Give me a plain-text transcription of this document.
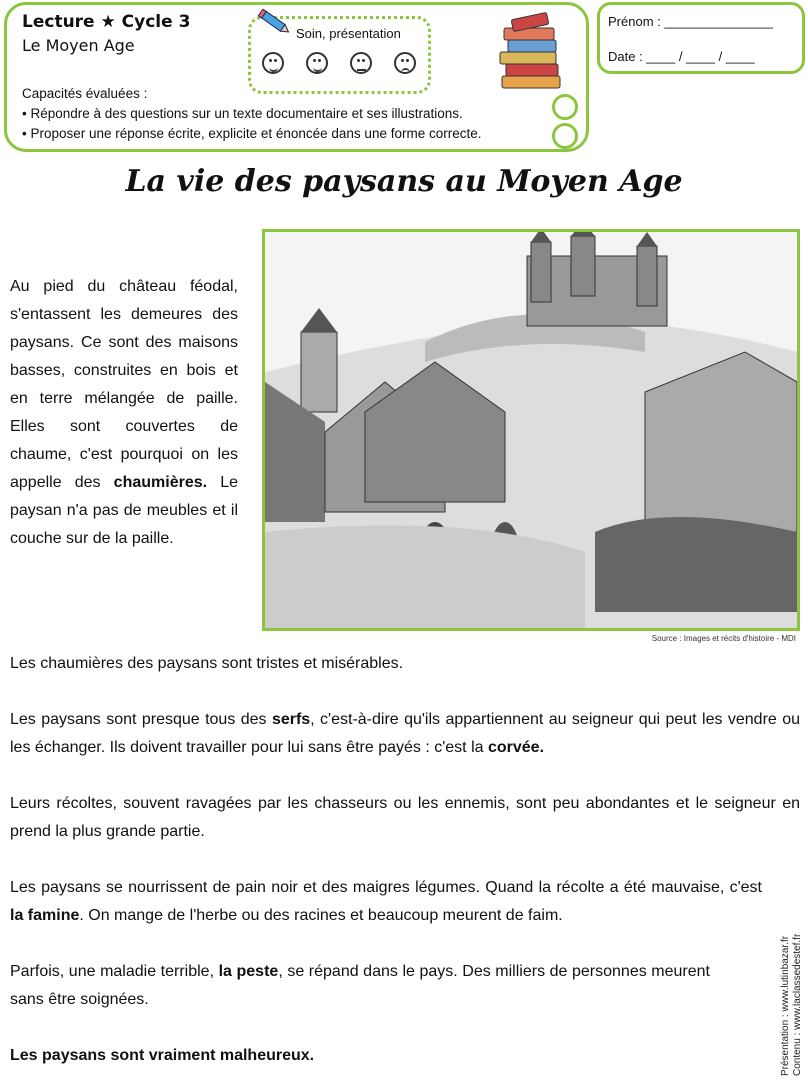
Lecture ★ Cycle 3
Le Moyen Age
Soin, présentation
Capacités évaluées :
• Répondre à des questions sur un texte documentaire et ses illustrations.
• Proposer une réponse écrite, explicite et énoncée dans une forme correcte.
Prénom : _______________
Date : ____ / ____ / ____
La vie des paysans au Moyen Age
Au pied du château féodal, s'entassent les demeures des paysans. Ce sont des maisons basses, construites en bois et en terre mélangée de paille. Elles sont couvertes de chaume, c'est pourquoi on les appelle des chaumières. Le paysan n'a pas de meubles et il couche sur de la paille.
Source : Images et récits d'histoire - MDI
Les chaumières des paysans sont tristes et misérables.
Les paysans sont presque tous des serfs, c'est-à-dire qu'ils appartiennent au seigneur qui peut les vendre ou les échanger. Ils doivent travailler pour lui sans être payés : c'est la corvée.
Leurs récoltes, souvent ravagées par les chasseurs ou les ennemis, sont peu abondantes et le seigneur en prend la plus grande partie.
Les paysans se nourrissent de pain noir et des maigres légumes. Quand la récolte a été mauvaise, c'est la famine. On mange de l'herbe ou des racines et beaucoup meurent de faim.
Parfois, une maladie terrible, la peste, se répand dans le pays. Des milliers de personnes meurent sans être soignées.
Les paysans sont vraiment malheureux.	Présentation : www.lutinbazar.fr Contenu : www.laclassedestef.fr
